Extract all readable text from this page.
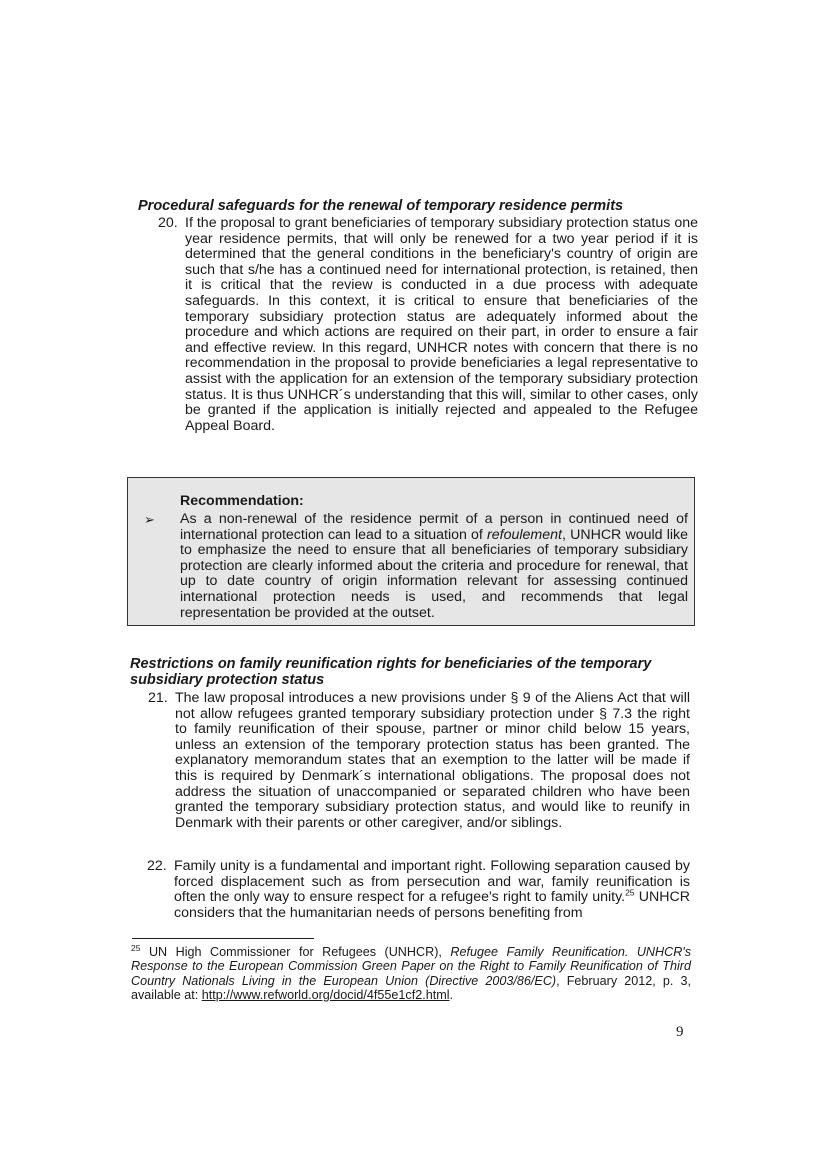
Procedural safeguards for the renewal of temporary residence permits

20. If the proposal to grant beneficiaries of temporary subsidiary protection status one year residence permits, that will only be renewed for a two year period if it is determined that the general conditions in the beneficiary's country of origin are such that s/he has a continued need for international protection, is retained, then it is critical that the review is conducted in a due process with adequate safeguards. In this context, it is critical to ensure that beneficiaries of the temporary subsidiary protection status are adequately informed about the procedure and which actions are required on their part, in order to ensure a fair and effective review. In this regard, UNHCR notes with concern that there is no recommendation in the proposal to provide beneficiaries a legal representative to assist with the application for an extension of the temporary subsidiary protection status. It is thus UNHCR´s understanding that this will, similar to other cases, only be granted if the application is initially rejected and appealed to the Refugee Appeal Board.

Recommendation:

➢ As a non-renewal of the residence permit of a person in continued need of international protection can lead to a situation of refoulement, UNHCR would like to emphasize the need to ensure that all beneficiaries of temporary subsidiary protection are clearly informed about the criteria and procedure for renewal, that up to date country of origin information relevant for assessing continued international protection needs is used, and recommends that legal representation be provided at the outset.

Restrictions on family reunification rights for beneficiaries of the temporary subsidiary protection status

21. The law proposal introduces a new provisions under § 9 of the Aliens Act that will not allow refugees granted temporary subsidiary protection under § 7.3 the right to family reunification of their spouse, partner or minor child below 15 years, unless an extension of the temporary protection status has been granted. The explanatory memorandum states that an exemption to the latter will be made if this is required by Denmark´s international obligations. The proposal does not address the situation of unaccompanied or separated children who have been granted the temporary subsidiary protection status, and would like to reunify in Denmark with their parents or other caregiver, and/or siblings.

22. Family unity is a fundamental and important right. Following separation caused by forced displacement such as from persecution and war, family reunification is often the only way to ensure respect for a refugee's right to family unity.$^{25}$ UNHCR considers that the humanitarian needs of persons benefiting from

$^{25}$ UN High Commissioner for Refugees (UNHCR), Refugee Family Reunification. UNHCR's Response to the European Commission Green Paper on the Right to Family Reunification of Third Country Nationals Living in the European Union (Directive 2003/86/EC), February 2012, p. 3, available at: http://www.refworld.org/docid/4f55e1cf2.html.

9
